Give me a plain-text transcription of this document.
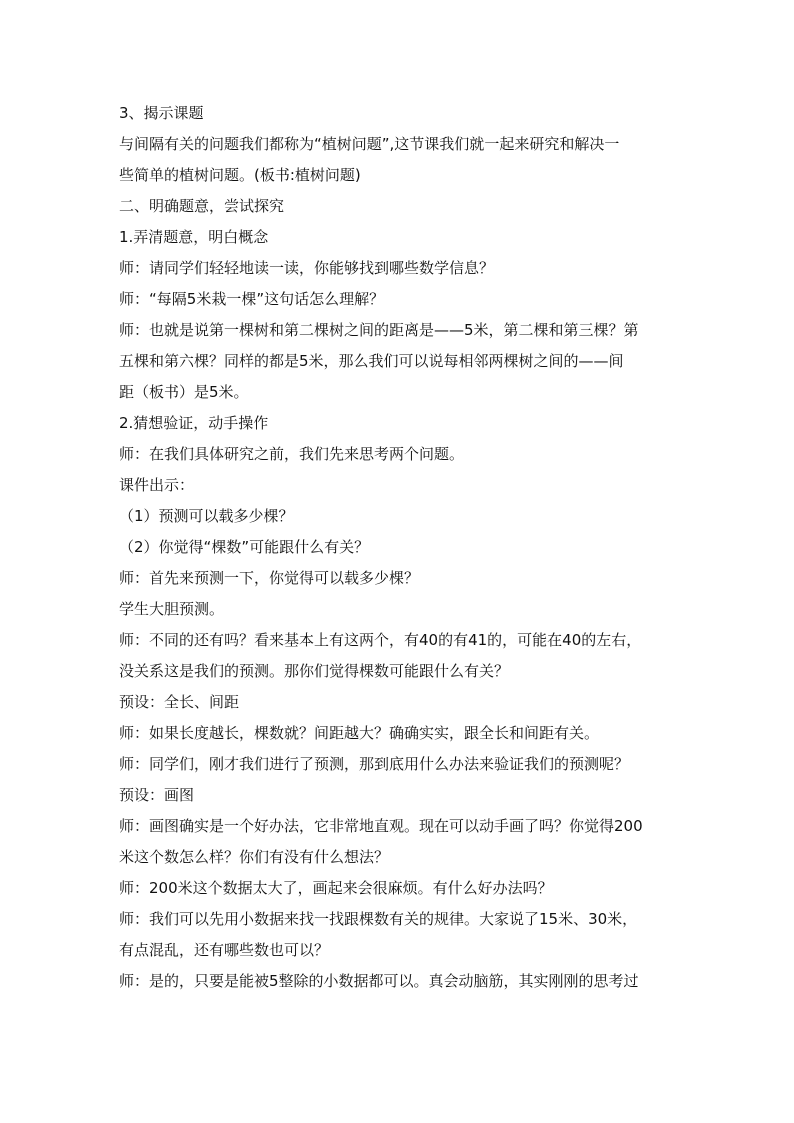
3、揭示课题
与间隔有关的问题我们都称为“植树问题”,这节课我们就一起来研究和解决一
些简单的植树问题。(板书:植树问题)
二、明确题意，尝试探究
1.弄清题意，明白概念
师：请同学们轻轻地读一读，你能够找到哪些数学信息？
师：“每隔5米栽一棵”这句话怎么理解？
师：也就是说第一棵树和第二棵树之间的距离是——5米，第二棵和第三棵？第
五棵和第六棵？同样的都是5米，那么我们可以说每相邻两棵树之间的——间
距（板书）是5米。
2.猜想验证，动手操作
师：在我们具体研究之前，我们先来思考两个问题。
课件出示：
（1）预测可以载多少棵？
（2）你觉得“棵数”可能跟什么有关？
师：首先来预测一下，你觉得可以载多少棵？
学生大胆预测。
师：不同的还有吗？看来基本上有这两个，有40的有41的，可能在40的左右，
没关系这是我们的预测。那你们觉得棵数可能跟什么有关？
预设：全长、间距
师：如果长度越长，棵数就？间距越大？确确实实，跟全长和间距有关。
师：同学们，刚才我们进行了预测，那到底用什么办法来验证我们的预测呢？
预设：画图
师：画图确实是一个好办法，它非常地直观。现在可以动手画了吗？你觉得200
米这个数怎么样？你们有没有什么想法？
师：200米这个数据太大了，画起来会很麻烦。有什么好办法吗？
师：我们可以先用小数据来找一找跟棵数有关的规律。大家说了15米、30米，
有点混乱，还有哪些数也可以？
师：是的，只要是能被5整除的小数据都可以。真会动脑筋，其实刚刚的思考过
